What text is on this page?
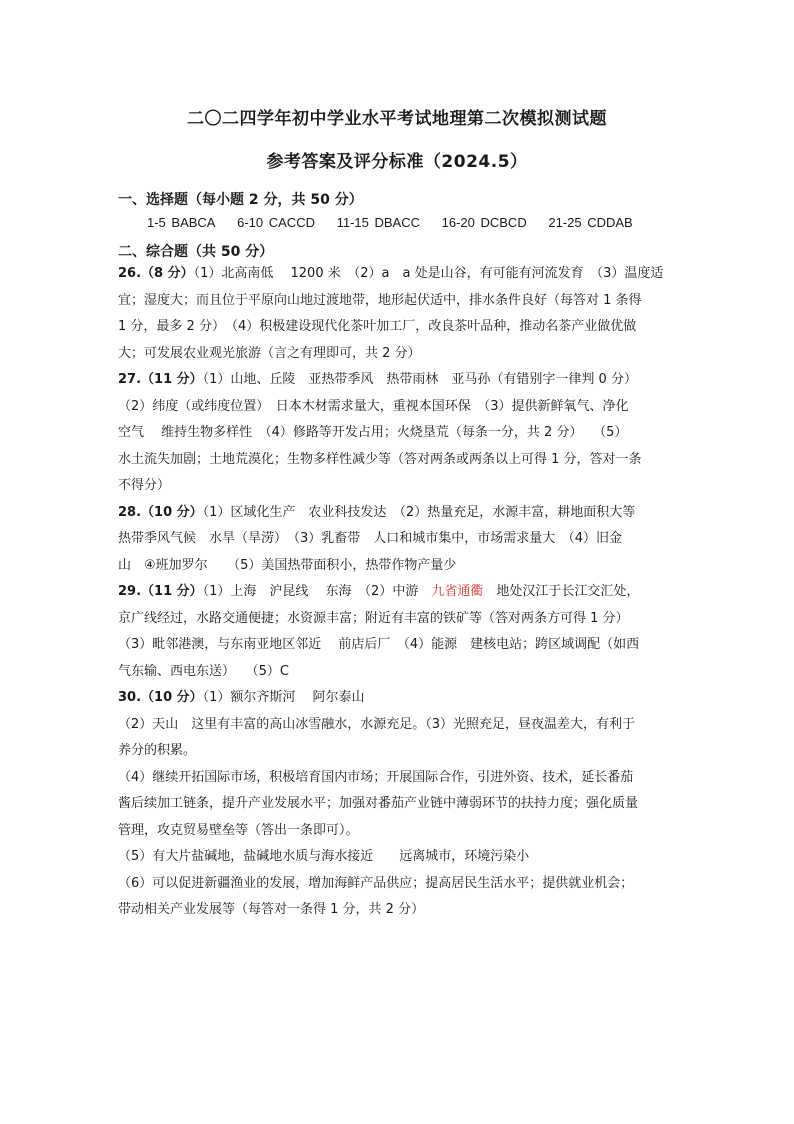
二〇二四学年初中学业水平考试地理第二次模拟测试题
参考答案及评分标准（2024.5）
一、选择题（每小题 2 分，共 50 分）
1-5 BABCA 6-10 CACCD 11-15 DBACC 16-20 DCBCD 21-25 CDDAB
二、综合题（共 50 分）
26.（8 分）（1）北高南低　 1200 米　（2）a　a 处是山谷，有可能有河流发育　（3）温度适
宜；湿度大；而且位于平原向山地过渡地带，地形起伏适中，排水条件良好（每答对 1 条得
1 分，最多 2 分）　（4）积极建设现代化茶叶加工厂，改良茶叶品种，推动名茶产业做优做
大；可发展农业观光旅游（言之有理即可，共 2 分）
27.（11 分）（1）山地、丘陵　亚热带季风　热带雨林　亚马孙（有错别字一律判 0 分）
（2）纬度（或纬度位置）　日本木材需求量大，重视本国环保　（3）提供新鲜氧气、净化
空气　 维持生物多样性　（4）修路等开发占用；火烧垦荒（每条一分，共 2 分）　 （5）
水土流失加剧；土地荒漠化；生物多样性减少等（答对两条或两条以上可得 1 分，答对一条
不得分）
28.（10 分）（1）区域化生产　农业科技发达　（2）热量充足，水源丰富，耕地面积大等
热带季风气候　水旱（旱涝）　（3）乳畜带　人口和城市集中，市场需求量大　（4）旧金
山　④班加罗尔　　（5）美国热带面积小，热带作物产量少
29.（11 分）（1）上海　沪昆线　 东海　（2）中游　九省通衢　地处汉江于长江交汇处，
京广线经过，水路交通便捷；水资源丰富；附近有丰富的铁矿等（答对两条方可得 1 分）
（3）毗邻港澳，与东南亚地区邻近　 前店后厂　（4）能源　建核电站；跨区域调配（如西
气东输、西电东送）　 （5）C
30.（10 分）（1）额尔齐斯河　 阿尔泰山
（2）天山　这里有丰富的高山冰雪融水，水源充足。（3）光照充足，昼夜温差大，有利于
养分的积累。
（4）继续开拓国际市场，积极培育国内市场；开展国际合作，引进外资、技术，延长番茄
酱后续加工链条，提升产业发展水平；加强对番茄产业链中薄弱环节的扶持力度；强化质量
管理，攻克贸易壁垒等（答出一条即可）。
（5）有大片盐碱地，盐碱地水质与海水接近　　远离城市，环境污染小
（6）可以促进新疆渔业的发展，增加海鲜产品供应；提高居民生活水平；提供就业机会；
带动相关产业发展等（每答对一条得 1 分，共 2 分）
